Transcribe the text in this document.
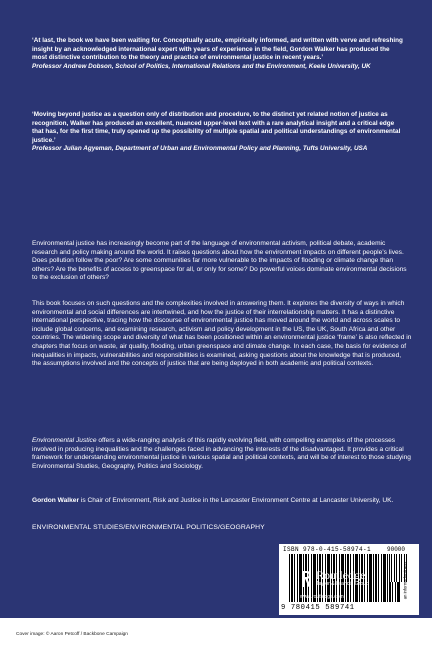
‘At last, the book we have been waiting for. Conceptually acute, empirically informed, and written with verve and refreshing insight by an acknowledged international expert with years of experience in the field, Gordon Walker has produced the most distinctive contribution to the theory and practice of environmental justice in recent years.’
Professor Andrew Dobson, School of Politics, International Relations and the Environment, Keele University, UK
‘Moving beyond justice as a question only of distribution and procedure, to the distinct yet related notion of justice as recognition, Walker has produced an excellent, nuanced upper-level text with a rare analytical insight and a critical edge that has, for the first time, truly opened up the possibility of multiple spatial and political understandings of environmental justice.’
Professor Julian Agyeman, Department of Urban and Environmental Policy and Planning, Tufts University, USA

Environmental justice has increasingly become part of the language of environmental activism, political debate, academic research and policy making around the world. It raises questions about how the environment impacts on different people’s lives. Does pollution follow the poor? Are some communities far more vulnerable to the impacts of flooding or climate change than others? Are the benefits of access to greenspace for all, or only for some? Do powerful voices dominate environmental decisions to the exclusion of others?

This book focuses on such questions and the complexities involved in answering them. It explores the diversity of ways in which environmental and social differences are intertwined, and how the justice of their interrelationship matters. It has a distinctive international perspective, tracing how the discourse of environmental justice has moved around the world and across scales to include global concerns, and examining research, activism and policy development in the US, the UK, South Africa and other countries. The widening scope and diversity of what has been positioned within an environmental justice ‘frame’ is also reflected in chapters that focus on waste, air quality, flooding, urban greenspace and climate change. In each case, the basis for evidence of inequalities in impacts, vulnerabilities and responsibilities is examined, asking questions about the knowledge that is produced, the assumptions involved and the concepts of justice that are being deployed in both academic and political contexts.

Environmental Justice offers a wide-ranging analysis of this rapidly evolving field, with compelling examples of the processes involved in producing inequalities and the challenges faced in advancing the interests of the disadvantaged. It provides a critical framework for understanding environmental justice in various spatial and political contexts, and will be of interest to those studying Environmental Studies, Geography, Politics and Sociology.

Gordon Walker is Chair of Environment, Risk and Justice in the Lancaster Environment Centre at Lancaster University, UK.

ENVIRONMENTAL STUDIES/ENVIRONMENTAL POLITICS/GEOGRAPHY
ISBN 978-0-415-58974-1	90000
9 780415 589741
an informa business
Routledge
Taylor & Francis Group
www.routledge.com
Cover image: © Aaron Petcoff / Backbone Campaign
